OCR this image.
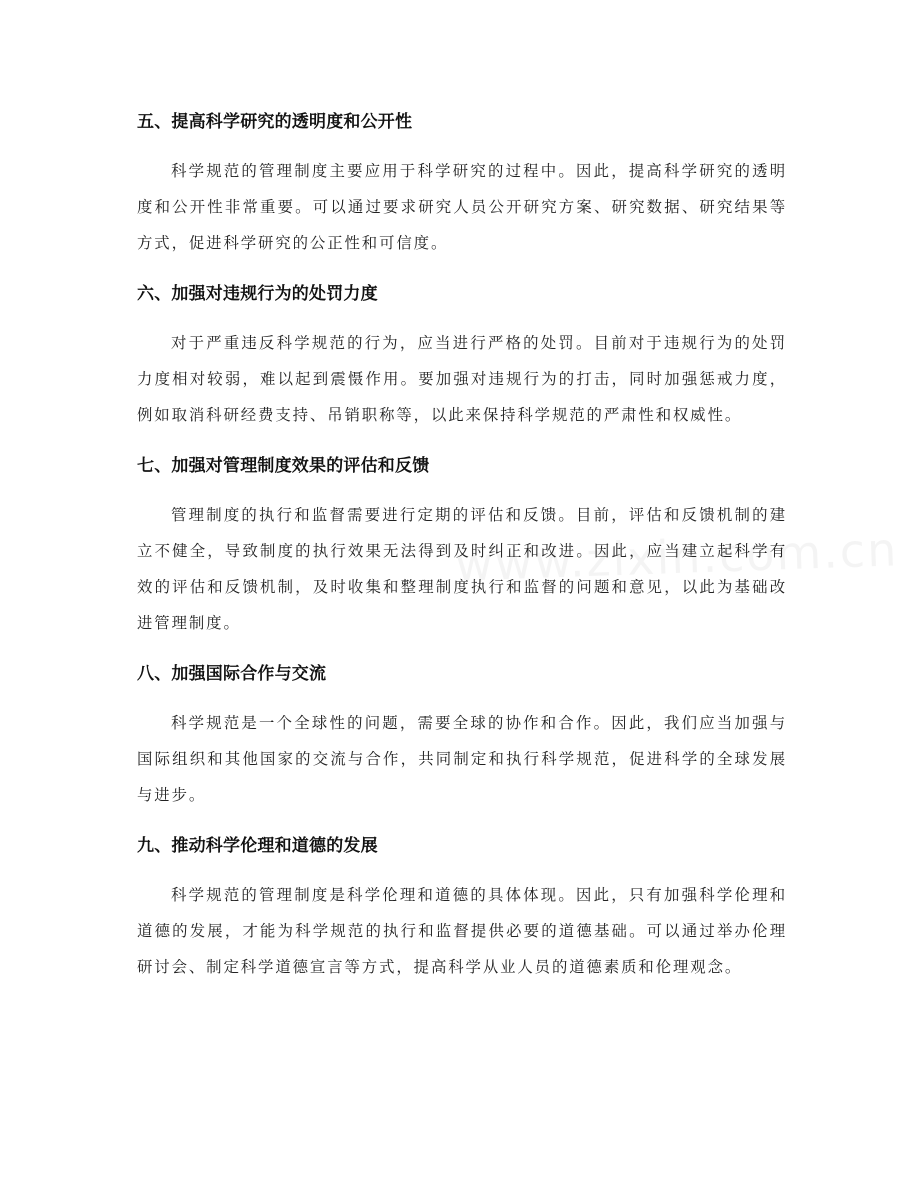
五、提高科学研究的透明度和公开性

科学规范的管理制度主要应用于科学研究的过程中。因此，提高科学研究的透明度和公开性非常重要。可以通过要求研究人员公开研究方案、研究数据、研究结果等方式，促进科学研究的公正性和可信度。

六、加强对违规行为的处罚力度

对于严重违反科学规范的行为，应当进行严格的处罚。目前对于违规行为的处罚力度相对较弱，难以起到震慑作用。要加强对违规行为的打击，同时加强惩戒力度，例如取消科研经费支持、吊销职称等，以此来保持科学规范的严肃性和权威性。

七、加强对管理制度效果的评估和反馈

管理制度的执行和监督需要进行定期的评估和反馈。目前，评估和反馈机制的建立不健全，导致制度的执行效果无法得到及时纠正和改进。因此，应当建立起科学有效的评估和反馈机制，及时收集和整理制度执行和监督的问题和意见，以此为基础改进管理制度。

八、加强国际合作与交流

科学规范是一个全球性的问题，需要全球的协作和合作。因此，我们应当加强与国际组织和其他国家的交流与合作，共同制定和执行科学规范，促进科学的全球发展与进步。

九、推动科学伦理和道德的发展

科学规范的管理制度是科学伦理和道德的具体体现。因此，只有加强科学伦理和道德的发展，才能为科学规范的执行和监督提供必要的道德基础。可以通过举办伦理研讨会、制定科学道德宣言等方式，提高科学从业人员的道德素质和伦理观念。
